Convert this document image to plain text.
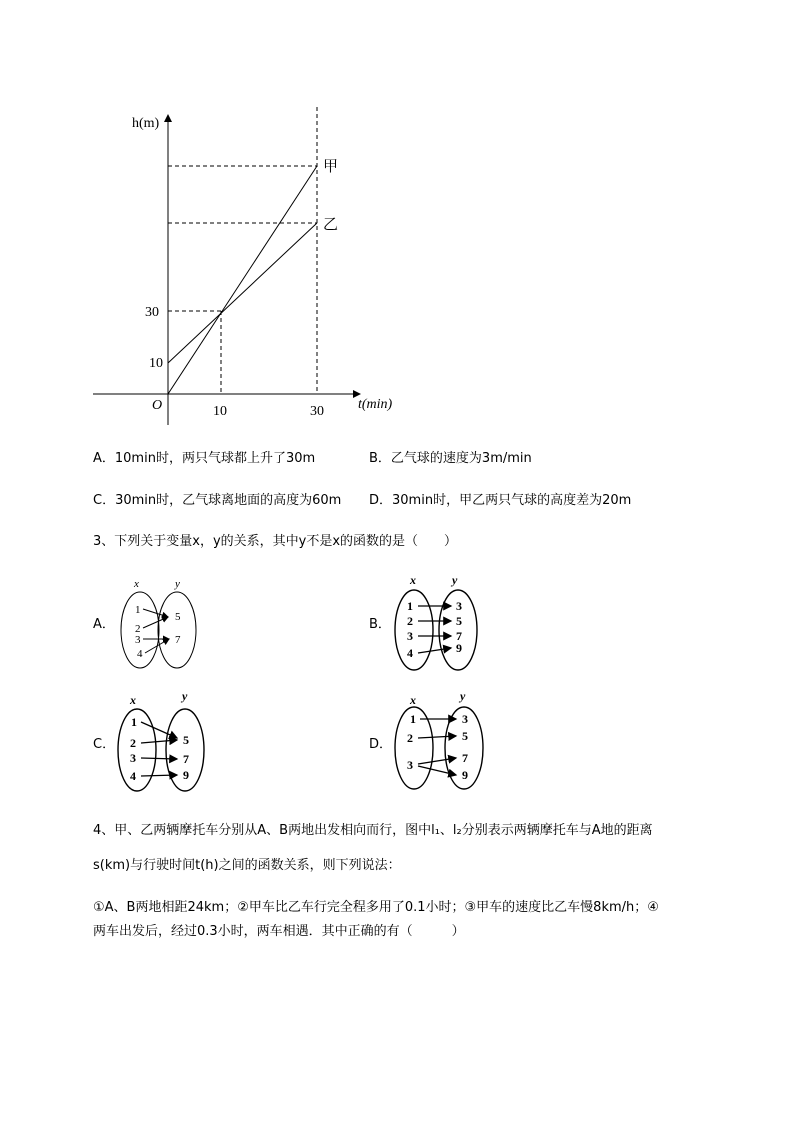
h(m)
t(min)
O
30
10
10	30
甲
乙
A．10min时，两只气球都上升了30m	B．乙气球的速度为3m/min
C．30min时，乙气球离地面的高度为60m D．30min时，甲乙两只气球的高度差为20m
3、下列关于变量x，y的关系，其中y不是x的函数的是（　　）
A．
x	y
1
2
3
4
5
7
B．
x	y
1
2
3
4
3
5
7
9
C．
x	y
1
2
3
4
5
7
9
D．
x	y
1
2
3
3
5
7
9
4、甲、乙两辆摩托车分别从A、B两地出发相向而行，图中l₁、l₂分别表示两辆摩托车与A地的距离
s(km)与行驶时间t(h)之间的函数关系，则下列说法：
①A、B两地相距24km；②甲车比乙车行完全程多用了0.1小时；③甲车的速度比乙车慢8km/h；④
两车出发后，经过0.3小时，两车相遇．其中正确的有（　　　）
